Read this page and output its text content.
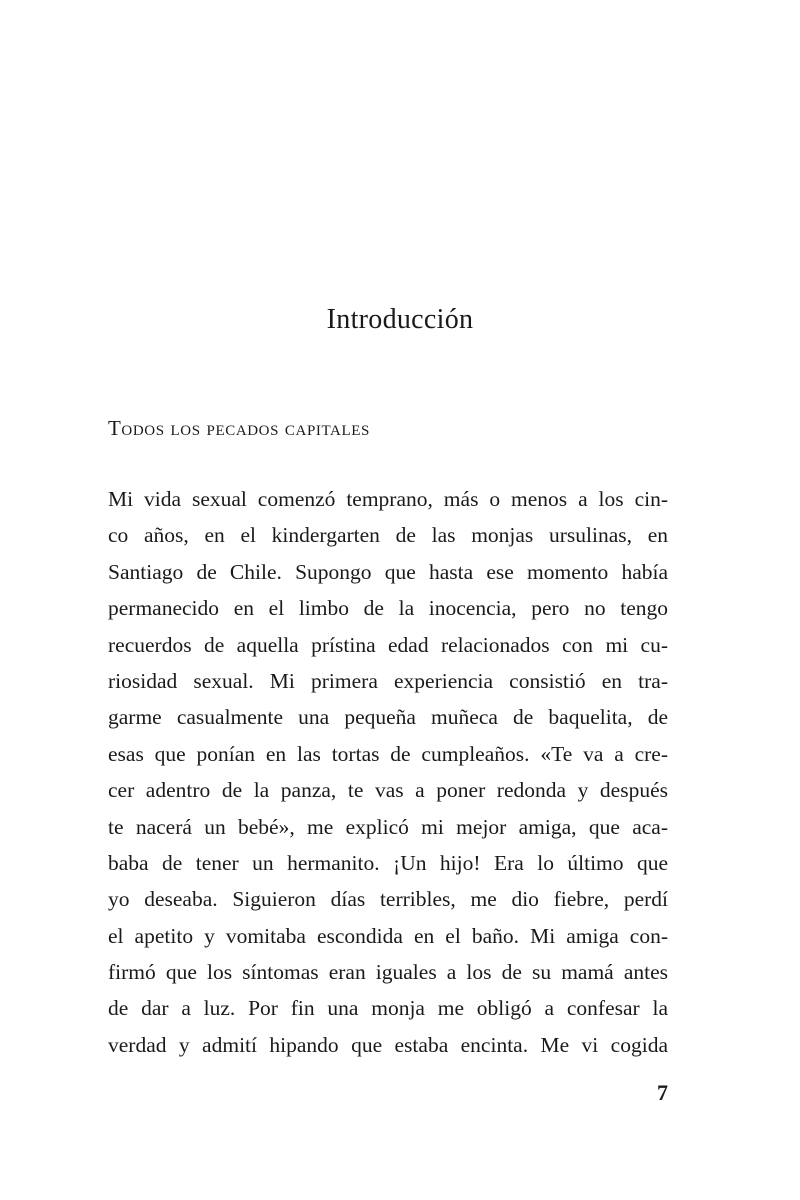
Introducción
Todos los pecados capitales
Mi vida sexual comenzó temprano, más o menos a los cin-
co años, en el kindergarten de las monjas ursulinas, en
Santiago de Chile. Supongo que hasta ese momento había
permanecido en el limbo de la inocencia, pero no tengo
recuerdos de aquella prístina edad relacionados con mi cu-
riosidad sexual. Mi primera experiencia consistió en tra-
garme casualmente una pequeña muñeca de baquelita, de
esas que ponían en las tortas de cumpleaños. «Te va a cre-
cer adentro de la panza, te vas a poner redonda y después
te nacerá un bebé», me explicó mi mejor amiga, que aca-
baba de tener un hermanito. ¡Un hijo! Era lo último que
yo deseaba. Siguieron días terribles, me dio fiebre, perdí
el apetito y vomitaba escondida en el baño. Mi amiga con-
firmó que los síntomas eran iguales a los de su mamá antes
de dar a luz. Por fin una monja me obligó a confesar la
verdad y admití hipando que estaba encinta. Me vi cogida
7
